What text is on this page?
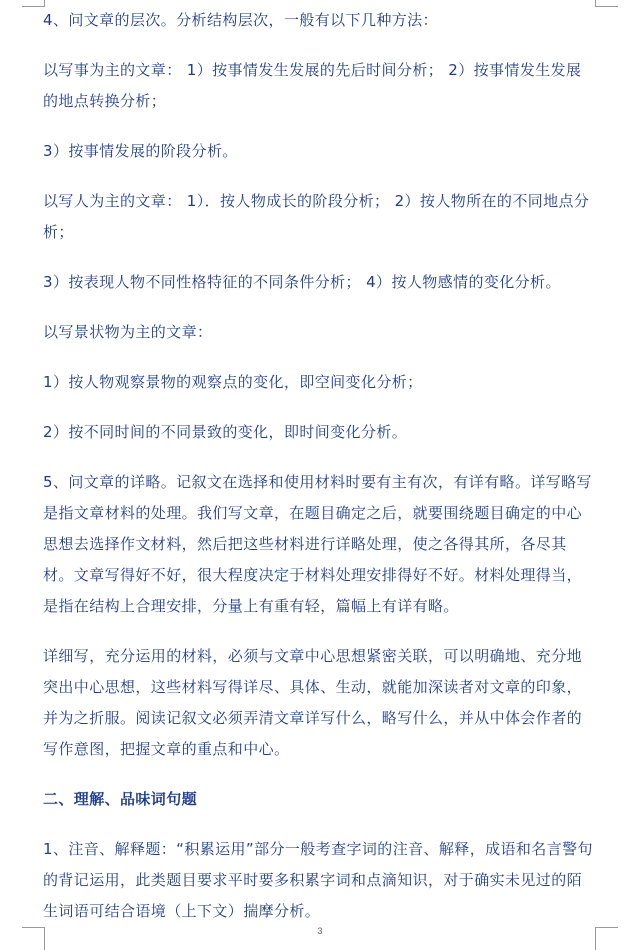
4、问文章的层次。分析结构层次，一般有以下几种方法：

以写事为主的文章： 1）按事情发生发展的先后时间分析； 2）按事情发生发展的地点转换分析；

3）按事情发展的阶段分析。

以写人为主的文章： 1）．按人物成长的阶段分析； 2）按人物所在的不同地点分析；

3）按表现人物不同性格特征的不同条件分析； 4）按人物感情的变化分析。

以写景状物为主的文章：

1）按人物观察景物的观察点的变化，即空间变化分析；

2）按不同时间的不同景致的变化，即时间变化分析。

5、问文章的详略。记叙文在选择和使用材料时要有主有次，有详有略。详写略写是指文章材料的处理。我们写文章，在题目确定之后，就要围绕题目确定的中心思想去选择作文材料，然后把这些材料进行详略处理，使之各得其所，各尽其材。文章写得好不好，很大程度决定于材料处理安排得好不好。材料处理得当，是指在结构上合理安排，分量上有重有轻，篇幅上有详有略。

详细写，充分运用的材料，必须与文章中心思想紧密关联，可以明确地、充分地突出中心思想，这些材料写得详尽、具体、生动，就能加深读者对文章的印象，并为之折服。阅读记叙文必须弄清文章详写什么，略写什么，并从中体会作者的写作意图，把握文章的重点和中心。

二、理解、品味词句题

1、注音、解释题：“积累运用”部分一般考查字词的注音、解释，成语和名言警句的背记运用，此类题目要求平时要多积累字词和点滴知识，对于确实未见过的陌生词语可结合语境（上下文）揣摩分析。

3
